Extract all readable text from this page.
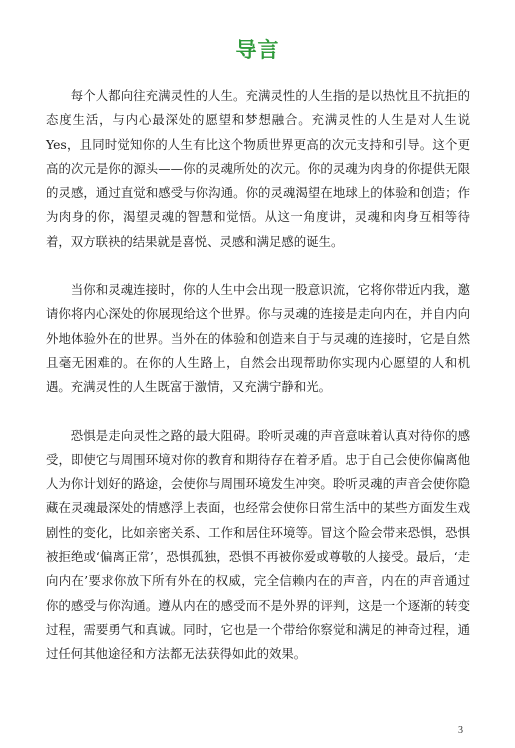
导言

每个人都向往充满灵性的人生。充满灵性的人生指的是以热忱且不抗拒的态度生活，与内心最深处的愿望和梦想融合。充满灵性的人生是对人生说Yes，且同时觉知你的人生有比这个物质世界更高的次元支持和引导。这个更高的次元是你的源头——你的灵魂所处的次元。你的灵魂为肉身的你提供无限的灵感，通过直觉和感受与你沟通。你的灵魂渴望在地球上的体验和创造；作为肉身的你，渴望灵魂的智慧和觉悟。从这一角度讲，灵魂和肉身互相等待着，双方联袂的结果就是喜悦、灵感和满足感的诞生。

当你和灵魂连接时，你的人生中会出现一股意识流，它将你带近内我，邀请你将内心深处的你展现给这个世界。你与灵魂的连接是走向内在，并自内向外地体验外在的世界。当外在的体验和创造来自于与灵魂的连接时，它是自然且毫无困难的。在你的人生路上，自然会出现帮助你实现内心愿望的人和机遇。充满灵性的人生既富于激情，又充满宁静和光。

恐惧是走向灵性之路的最大阻碍。聆听灵魂的声音意味着认真对待你的感受，即使它与周围环境对你的教育和期待存在着矛盾。忠于自己会使你偏离他人为你计划好的路途，会使你与周围环境发生冲突。聆听灵魂的声音会使你隐藏在灵魂最深处的情感浮上表面，也经常会使你日常生活中的某些方面发生戏剧性的变化，比如亲密关系、工作和居住环境等。冒这个险会带来恐惧，恐惧被拒绝或‘偏离正常’，恐惧孤独，恐惧不再被你爱或尊敬的人接受。最后，‘走向内在’要求你放下所有外在的权威，完全信赖内在的声音，内在的声音通过你的感受与你沟通。遵从内在的感受而不是外界的评判，这是一个逐渐的转变过程，需要勇气和真诚。同时，它也是一个带给你察觉和满足的神奇过程，通过任何其他途径和方法都无法获得如此的效果。

3
